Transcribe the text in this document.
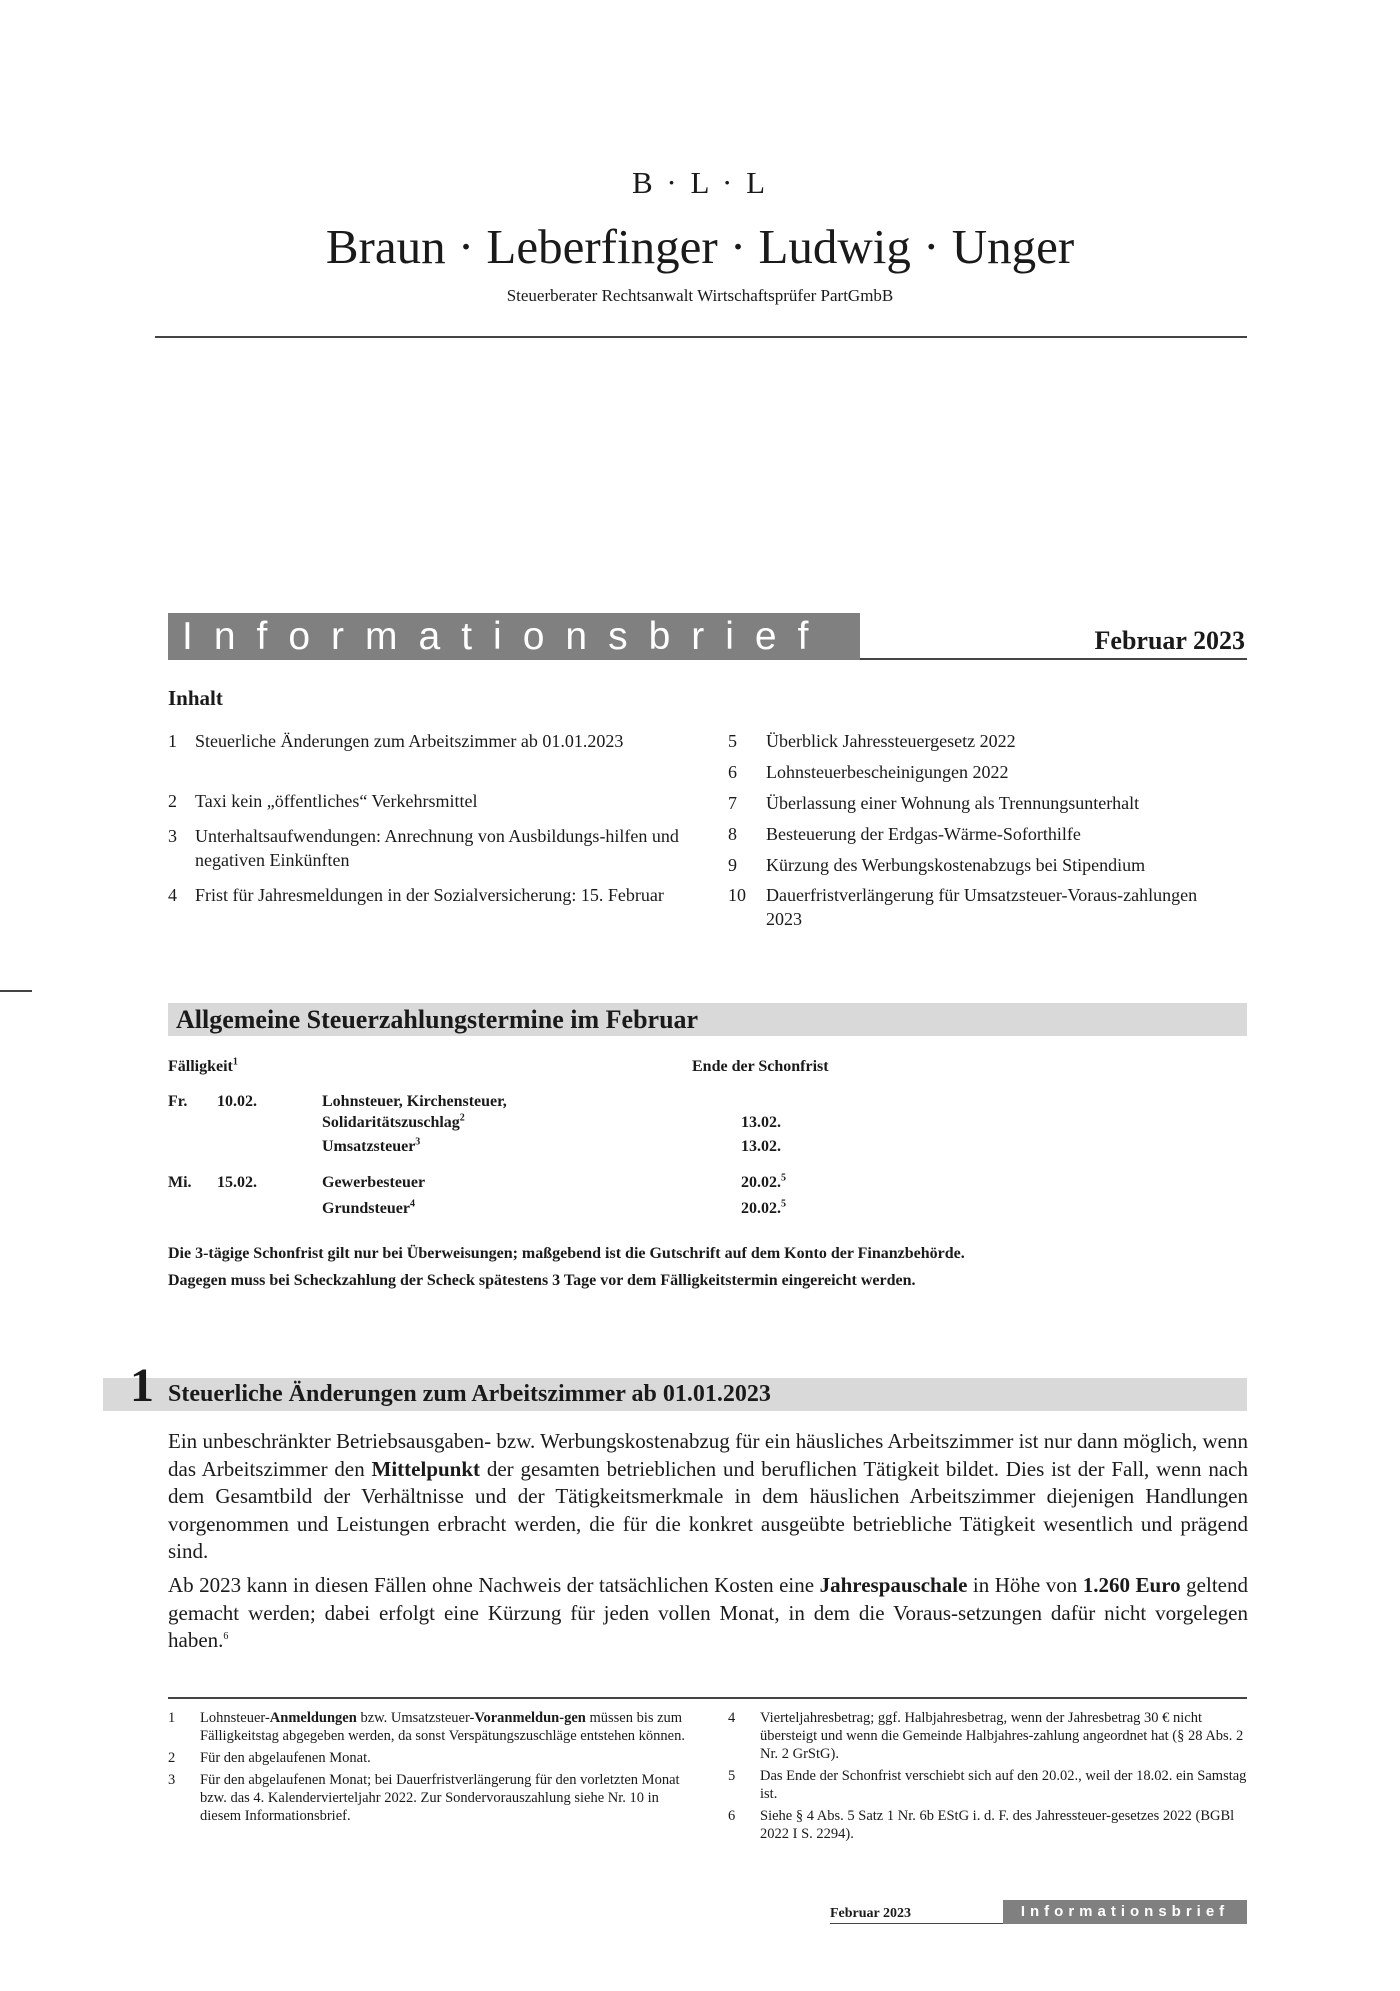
B · L · L
Braun · Leberfinger · Ludwig · Unger
Steuerberater Rechtsanwalt Wirtschaftsprüfer PartGmbB
Informationsbrief	Februar 2023
Inhalt
1	Steuerliche Änderungen zum Arbeitszimmer ab 01.01.2023
2	Taxi kein „öffentliches“ Verkehrsmittel
3	Unterhaltsaufwendungen: Anrechnung von Ausbildungs-hilfen und negativen Einkünften
4	Frist für Jahresmeldungen in der Sozialversicherung: 15. Februar
5	Überblick Jahressteuergesetz 2022
6	Lohnsteuerbescheinigungen 2022
7	Überlassung einer Wohnung als Trennungsunterhalt
8	Besteuerung der Erdgas-Wärme-Soforthilfe
9	Kürzung des Werbungskostenabzugs bei Stipendium
10	Dauerfristverlängerung für Umsatzsteuer-Voraus-zahlungen 2023
Allgemeine Steuerzahlungstermine im Februar
Fälligkeit$^1$	Ende der Schonfrist
Fr. 10.02.	Lohnsteuer, Kirchensteuer,
Solidaritätszuschlag$^2$	13.02.
Umsatzsteuer$^3$	13.02.
Mi. 15.02.	Gewerbesteuer	20.02.$^5$
Grundsteuer$^4$	20.02.$^5$
Die 3-tägige Schonfrist gilt nur bei Überweisungen; maßgebend ist die Gutschrift auf dem Konto der Finanzbehörde.
Dagegen muss bei Scheckzahlung der Scheck spätestens 3 Tage vor dem Fälligkeitstermin eingereicht werden.
Steuerliche Änderungen zum Arbeitszimmer ab 01.01.2023
1

Ein unbeschränkter Betriebsausgaben- bzw. Werbungskostenabzug für ein häusliches Arbeitszimmer ist nur dann möglich, wenn das Arbeitszimmer den Mittelpunkt der gesamten betrieblichen und beruflichen Tätigkeit bildet. Dies ist der Fall, wenn nach dem Gesamtbild der Verhältnisse und der Tätigkeitsmerkmale in dem häuslichen Arbeitszimmer diejenigen Handlungen vorgenommen und Leistungen erbracht werden, die für die konkret ausgeübte betriebliche Tätigkeit wesentlich und prägend sind.

Ab 2023 kann in diesen Fällen ohne Nachweis der tatsächlichen Kosten eine Jahrespauschale in Höhe von 1.260 Euro geltend gemacht werden; dabei erfolgt eine Kürzung für jeden vollen Monat, in dem die Voraus-setzungen dafür nicht vorgelegen haben.$^6$

1	Lohnsteuer-Anmeldungen bzw. Umsatzsteuer-Voranmeldun-gen müssen bis zum Fälligkeitstag abgegeben werden, da sonst Verspätungszuschläge entstehen können.
2	Für den abgelaufenen Monat.
3	Für den abgelaufenen Monat; bei Dauerfristverlängerung für den vorletzten Monat bzw. das 4. Kalendervierteljahr 2022. Zur Sondervorauszahlung siehe Nr. 10 in diesem Informationsbrief.
4	Vierteljahresbetrag; ggf. Halbjahresbetrag, wenn der Jahresbetrag 30 € nicht übersteigt und wenn die Gemeinde Halbjahres-zahlung angeordnet hat (§ 28 Abs. 2 Nr. 2 GrStG).
5	Das Ende der Schonfrist verschiebt sich auf den 20.02., weil der 18.02. ein Samstag ist.
6	Siehe § 4 Abs. 5 Satz 1 Nr. 6b EStG i. d. F. des Jahressteuer-gesetzes 2022 (BGBl 2022 I S. 2294).
Februar 2023	Informationsbrief
